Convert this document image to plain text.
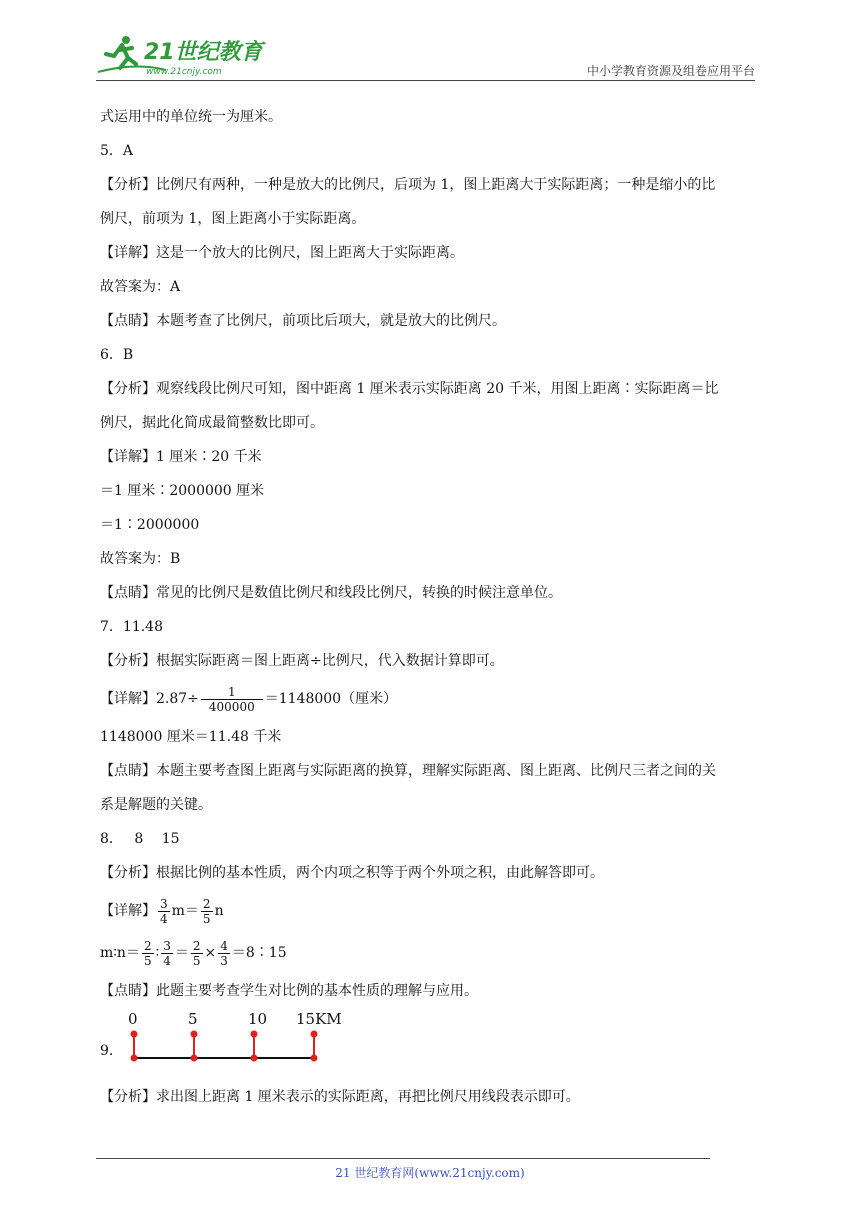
21世纪教育
www.21cnjy.com	中小学教育资源及组卷应用平台
式运用中的单位统一为厘米。
5．A
【分析】比例尺有两种，一种是放大的比例尺，后项为 1，图上距离大于实际距离；一种是缩小的比
例尺，前项为 1，图上距离小于实际距离。
【详解】这是一个放大的比例尺，图上距离大于实际距离。
故答案为：A
【点睛】本题考查了比例尺，前项比后项大，就是放大的比例尺。
6．B
【分析】观察线段比例尺可知，图中距离 1 厘米表示实际距离 20 千米，用图上距离∶实际距离＝比
例尺，据此化简成最简整数比即可。
【详解】1 厘米∶20 千米
＝1 厘米∶2000000 厘米
＝1∶2000000
故答案为：B
【点睛】常见的比例尺是数值比例尺和线段比例尺，转换的时候注意单位。
7．11.48
【分析】根据实际距离＝图上距离÷比例尺，代入数据计算即可。
【详解】$2.87\div \frac{1}{400000} =1148000$（厘米）
1148000 厘米＝11.48 千米
【点睛】本题主要考查图上距离与实际距离的换算，理解实际距离、图上距离、比例尺三者之间的关
系是解题的关键。
8．　 8　 15
【分析】根据比例的基本性质，两个内项之积等于两个外项之积，由此解答即可。
【详解】 $\frac{3}{4} m= \frac{2}{5}$ n
m∶n＝ $\frac{2}{5}$ ∶ $\frac{3}{4} = \frac{2}{5} \times \frac{4}{3}$ ＝8∶15
【点睛】此题主要考查学生对比例的基本性质的理解与应用。
9.
0	5	10 15KM
【分析】求出图上距离 1 厘米表示的实际距离，再把比例尺用线段表示即可。
21 世纪教育网(www.21cnjy.com)
